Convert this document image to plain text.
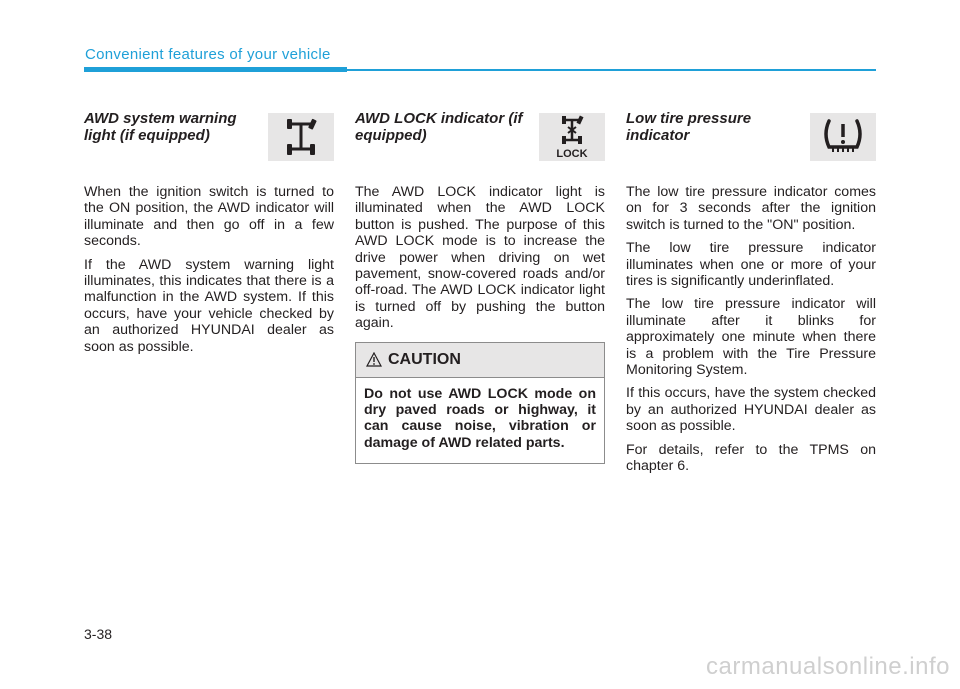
Convenient features of your vehicle
AWD system warning light (if equipped)

When the ignition switch is turned to the ON position, the AWD indicator will illuminate and then go off in a few seconds.

If the AWD system warning light illuminates, this indicates that there is a malfunction in the AWD system. If this occurs, have your vehicle checked by an authorized HYUNDAI dealer as soon as possible.

AWD LOCK indicator (if equipped)
LOCK

The AWD LOCK indicator light is illuminated when the AWD LOCK button is pushed. The purpose of this AWD LOCK mode is to increase the drive power when driving on wet pavement, snow-covered roads and/or off-road. The AWD LOCK indicator light is turned off by pushing the button again.

CAUTION
Do not use AWD LOCK mode on dry paved roads or highway, it can cause noise, vibration or damage of AWD related parts.
Low tire pressure indicator

The low tire pressure indicator comes on for 3 seconds after the ignition switch is turned to the "ON" position.

The low tire pressure indicator illuminates when one or more of your tires is significantly underinflated.

The low tire pressure indicator will illuminate after it blinks for approximately one minute when there is a problem with the Tire Pressure Monitoring System.

If this occurs, have the system checked by an authorized HYUNDAI dealer as soon as possible.

For details, refer to the TPMS on chapter 6.

3-38
carmanualsonline.info
